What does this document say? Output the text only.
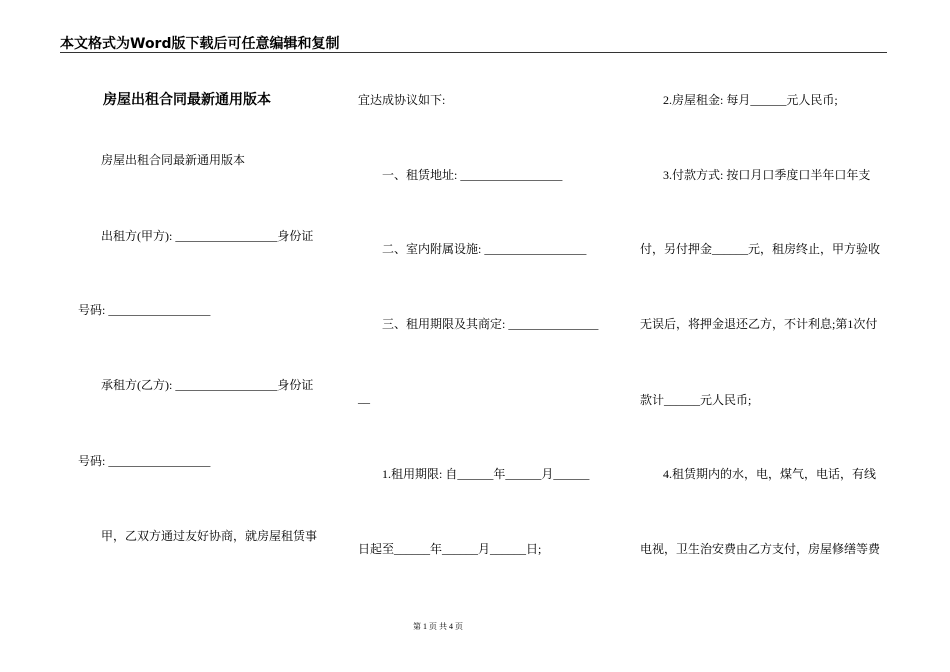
本文格式为Word版下载后可任意编辑和复制
房屋出租合同最新通用版本
房屋出租合同最新通用版本
出租方(甲方): _________________身份证
号码: _________________
承租方(乙方): _________________身份证
号码: _________________
甲，乙双方通过友好协商，就房屋租赁事
宜达成协议如下:
一、租赁地址: _________________
二、室内附属设施: _________________
三、租用期限及其商定: _______________
__
1.租用期限: 自______年______月______
日起至______年______月______日;
2.房屋租金: 每月______元人民币;
3.付款方式: 按口月口季度口半年口年支
付，另付押金______元，租房终止，甲方验收
无误后，将押金退还乙方，不计利息;第1次付
款计______元人民币;
4.租赁期内的水，电，煤气，电话，有线
电视，卫生治安费由乙方支付，房屋修缮等费
第 1 页 共 4 页
